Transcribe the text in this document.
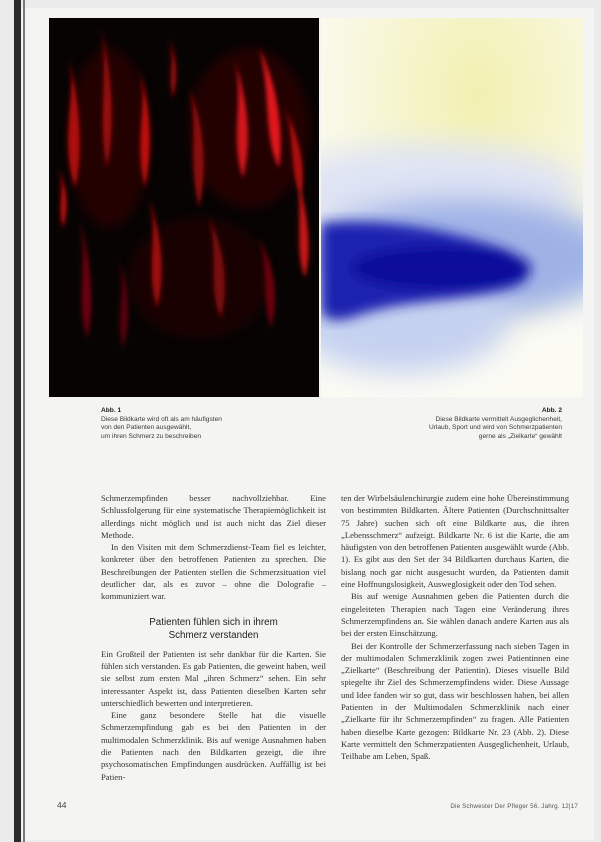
Abb. 1
Diese Bildkarte wird oft als am häufigsten
von den Patienten ausgewählt,
um ihren Schmerz zu beschreiben
Abb. 2
Diese Bildkarte vermittelt Ausgeglichenheit,
Urlaub, Sport und wird von Schmerzpatienten
gerne als „Zielkarte“ gewählt

Schmerzempfinden besser nachvollziehbar. Eine Schlussfolgerung für eine systematische Therapiemöglichkeit ist allerdings nicht möglich und ist auch nicht das Ziel dieser Methode.

In den Visiten mit dem Schmerzdienst-Team fiel es leichter, konkreter über den betroffenen Patienten zu sprechen. Die Beschreibungen der Patienten stellen die Schmerzsituation viel deutlicher dar, als es zuvor – ohne die Dolografie – kommuniziert war.

Patienten fühlen sich in ihrem
Schmerz verstanden

Ein Großteil der Patienten ist sehr dankbar für die Karten. Sie fühlen sich verstanden. Es gab Patienten, die geweint haben, weil sie selbst zum ersten Mal „ihren Schmerz“ sehen. Ein sehr interessanter Aspekt ist, dass Patienten dieselben Karten sehr unterschiedlich bewerten und interpretieren.

Eine ganz besondere Stelle hat die visuelle Schmerzempfindung gab es bei den Patienten in der multimodalen Schmerzklinik. Bis auf wenige Ausnahmen haben die Patienten nach den Bildkarten gezeigt, die ihre psychosomatischen Empfindungen ausdrücken. Auffällig ist bei Patien-

ten der Wirbelsäulenchirurgie zudem eine hohe Übereinstimmung von bestimmten Bildkarten. Ältere Patienten (Durchschnittsalter 75 Jahre) suchen sich oft eine Bildkarte aus, die ihren „Lebensschmerz“ aufzeigt. Bildkarte Nr. 6 ist die Karte, die am häufigsten von den betroffenen Patienten ausgewählt wurde (Abb. 1). Es gibt aus den Set der 34 Bildkarten durchaus Karten, die bislang noch gar nicht ausgesucht wurden, da Patienten damit eine Hoffnungslosigkeit, Ausweglosigkeit oder den Tod sehen.

Bis auf wenige Ausnahmen geben die Patienten durch die eingeleiteten Therapien nach Tagen eine Veränderung ihres Schmerzempfindens an. Sie wählen danach andere Karten aus als bei der ersten Einschätzung.

Bei der Kontrolle der Schmerzerfassung nach sieben Tagen in der multimodalen Schmerzklinik zogen zwei Patientinnen eine „Zielkarte“ (Beschreibung der Patientin). Dieses visuelle Bild spiegelte ihr Ziel des Schmerzempfindens wider. Diese Aussage und Idee fanden wir so gut, dass wir beschlossen haben, bei allen Patienten in der Multimodalen Schmerzklinik nach einer „Zielkarte für ihr Schmerzempfinden“ zu fragen. Alle Patienten haben dieselbe Karte gezogen: Bildkarte Nr. 23 (Abb. 2). Diese Karte vermittelt den Schmerzpatienten Ausgeglichenheit, Urlaub, Teilhabe am Leben, Spaß.

44	Die Schwester Der Pfleger 56. Jahrg. 12|17
